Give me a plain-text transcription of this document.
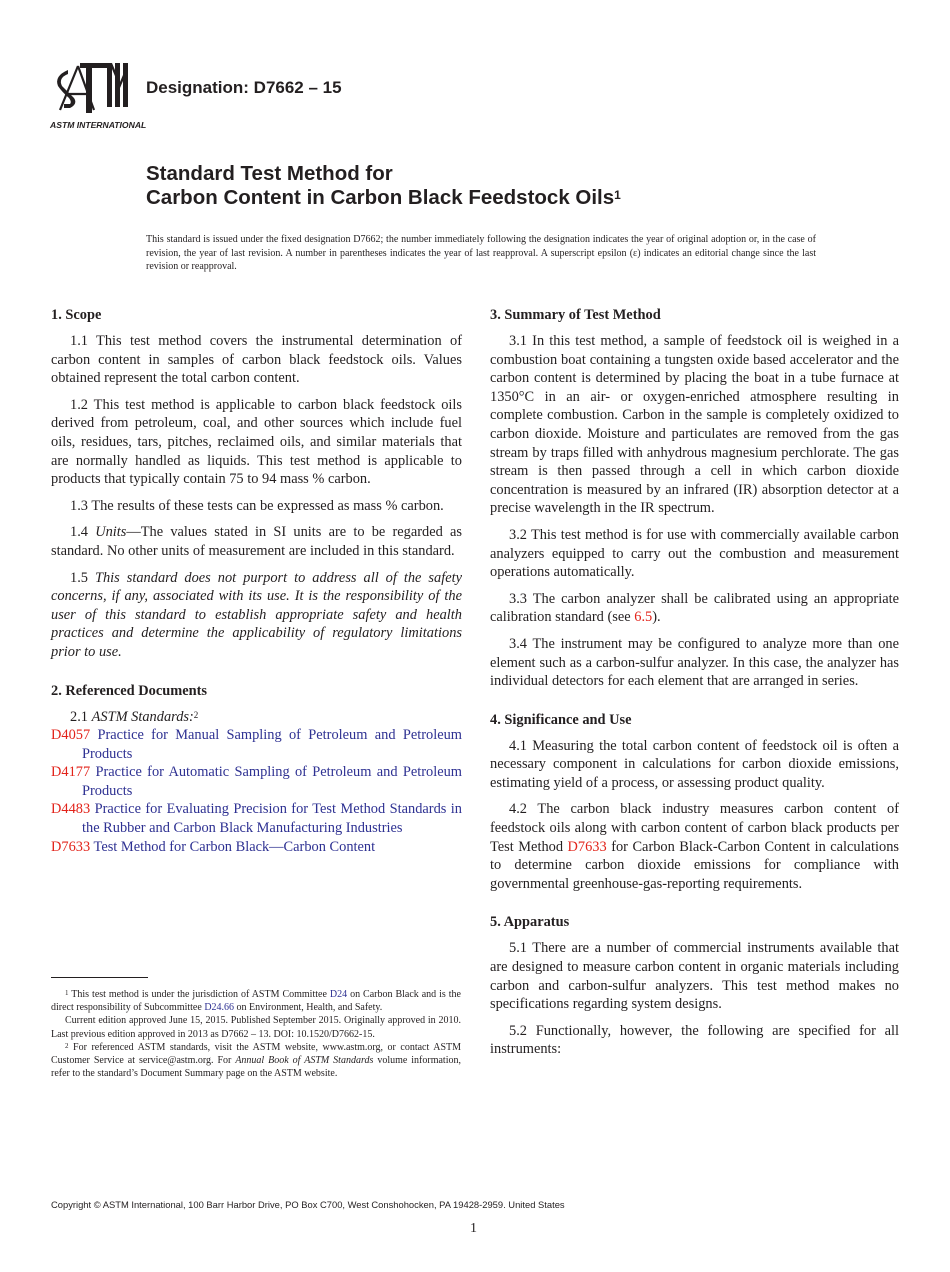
ASTM INTERNATIONAL
Designation: D7662 – 15
Standard Test Method for
Carbon Content in Carbon Black Feedstock Oils$^1$
This standard is issued under the fixed designation D7662; the number immediately following the designation indicates the year of original adoption or, in the case of revision, the year of last revision. A number in parentheses indicates the year of last reapproval. A superscript epsilon (ε) indicates an editorial change since the last revision or reapproval.
1. Scope

1.1 This test method covers the instrumental determination of carbon content in samples of carbon black feedstock oils. Values obtained represent the total carbon content.

1.2 This test method is applicable to carbon black feedstock oils derived from petroleum, coal, and other sources which include fuel oils, residues, tars, pitches, reclaimed oils, and similar materials that are normally handled as liquids. This test method is applicable to products that typically contain 75 to 94 mass % carbon.

1.3 The results of these tests can be expressed as mass % carbon.

1.4 Units—The values stated in SI units are to be regarded as standard. No other units of measurement are included in this standard.

1.5 This standard does not purport to address all of the safety concerns, if any, associated with its use. It is the responsibility of the user of this standard to establish appropriate safety and health practices and determine the applicability of regulatory limitations prior to use.

2. Referenced Documents

2.1 ASTM Standards:$^2$

D4057 Practice for Manual Sampling of Petroleum and Petroleum Products

D4177 Practice for Automatic Sampling of Petroleum and Petroleum Products

D4483 Practice for Evaluating Precision for Test Method Standards in the Rubber and Carbon Black Manufacturing Industries

D7633 Test Method for Carbon Black—Carbon Content

$^1$ This test method is under the jurisdiction of ASTM Committee D24 on Carbon Black and is the direct responsibility of Subcommittee D24.66 on Environment, Health, and Safety.

Current edition approved June 15, 2015. Published September 2015. Originally approved in 2010. Last previous edition approved in 2013 as D7662 – 13. DOI: 10.1520/D7662-15.

$^2$ For referenced ASTM standards, visit the ASTM website, www.astm.org, or contact ASTM Customer Service at service@astm.org. For Annual Book of ASTM Standards volume information, refer to the standard’s Document Summary page on the ASTM website.

3. Summary of Test Method

3.1 In this test method, a sample of feedstock oil is weighed in a combustion boat containing a tungsten oxide based accelerator and the carbon content is determined by placing the boat in a tube furnace at 1350°C in an air- or oxygen-enriched atmosphere resulting in complete combustion. Carbon in the sample is completely oxidized to carbon dioxide. Moisture and particulates are removed from the gas stream by traps filled with anhydrous magnesium perchlorate. The gas stream is then passed through a cell in which carbon dioxide concentration is measured by an infrared (IR) absorption detector at a precise wavelength in the IR spectrum.

3.2 This test method is for use with commercially available carbon analyzers equipped to carry out the combustion and measurement operations automatically.

3.3 The carbon analyzer shall be calibrated using an appropriate calibration standard (see 6.5).

3.4 The instrument may be configured to analyze more than one element such as a carbon-sulfur analyzer. In this case, the analyzer has individual detectors for each element that are arranged in series.

4. Significance and Use

4.1 Measuring the total carbon content of feedstock oil is often a necessary component in calculations for carbon dioxide emissions, estimating yield of a process, or assessing product quality.

4.2 The carbon black industry measures carbon content of feedstock oils along with carbon content of carbon black products per Test Method D7633 for Carbon Black-Carbon Content in calculations to determine carbon dioxide emissions for compliance with governmental greenhouse-gas-reporting requirements.

5. Apparatus

5.1 There are a number of commercial instruments available that are designed to measure carbon content in organic materials including carbon and carbon-sulfur analyzers. This test method makes no specifications regarding system designs.

5.2 Functionally, however, the following are specified for all instruments:

Copyright © ASTM International, 100 Barr Harbor Drive, PO Box C700, West Conshohocken, PA 19428-2959. United States
1
